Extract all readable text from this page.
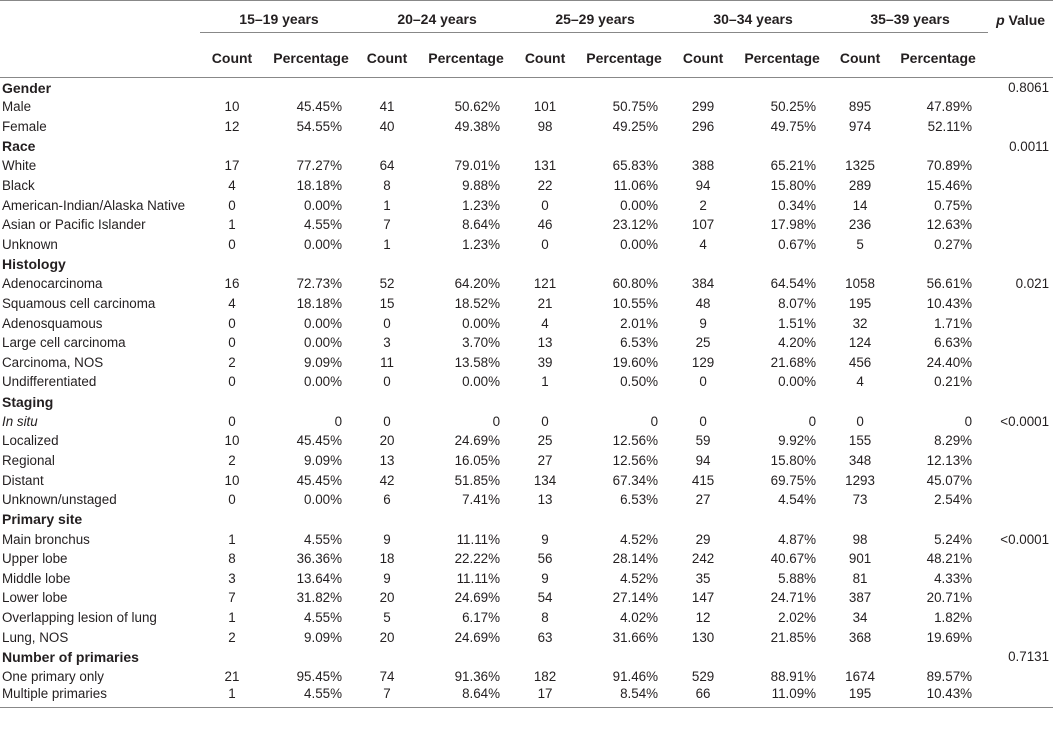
	15–19 years		20–24 years		25–29 years		30–34 years		35–39 years		p Value
	Count	Percentage	Count	Percentage	Count	Percentage	Count	Percentage	Count	Percentage	
Gender											0.8061
Male	10	45.45%	41	50.62%	101	50.75%	299	50.25%	895	47.89%	
Female	12	54.55%	40	49.38%	98	49.25%	296	49.75%	974	52.11%	
Race											0.0011
White	17	77.27%	64	79.01%	131	65.83%	388	65.21%	1325	70.89%	
Black	4	18.18%	8	9.88%	22	11.06%	94	15.80%	289	15.46%	
American-Indian/Alaska Native	0	0.00%	1	1.23%	0	0.00%	2	0.34%	14	0.75%	
Asian or Pacific Islander	1	4.55%	7	8.64%	46	23.12%	107	17.98%	236	12.63%	
Unknown	0	0.00%	1	1.23%	0	0.00%	4	0.67%	5	0.27%	
Histology											
Adenocarcinoma	16	72.73%	52	64.20%	121	60.80%	384	64.54%	1058	56.61%	0.021
Squamous cell carcinoma	4	18.18%	15	18.52%	21	10.55%	48	8.07%	195	10.43%	
Adenosquamous	0	0.00%	0	0.00%	4	2.01%	9	1.51%	32	1.71%	
Large cell carcinoma	0	0.00%	3	3.70%	13	6.53%	25	4.20%	124	6.63%	
Carcinoma, NOS	2	9.09%	11	13.58%	39	19.60%	129	21.68%	456	24.40%	
Undifferentiated	0	0.00%	0	0.00%	1	0.50%	0	0.00%	4	0.21%	
Staging											
In situ	0	0	0	0	0	0	0	0	0	0	<0.0001
Localized	10	45.45%	20	24.69%	25	12.56%	59	9.92%	155	8.29%	
Regional	2	9.09%	13	16.05%	27	12.56%	94	15.80%	348	12.13%	
Distant	10	45.45%	42	51.85%	134	67.34%	415	69.75%	1293	45.07%	
Unknown/unstaged	0	0.00%	6	7.41%	13	6.53%	27	4.54%	73	2.54%	
Primary site											
Main bronchus	1	4.55%	9	11.11%	9	4.52%	29	4.87%	98	5.24%	<0.0001
Upper lobe	8	36.36%	18	22.22%	56	28.14%	242	40.67%	901	48.21%	
Middle lobe	3	13.64%	9	11.11%	9	4.52%	35	5.88%	81	4.33%	
Lower lobe	7	31.82%	20	24.69%	54	27.14%	147	24.71%	387	20.71%	
Overlapping lesion of lung	1	4.55%	5	6.17%	8	4.02%	12	2.02%	34	1.82%	
Lung, NOS	2	9.09%	20	24.69%	63	31.66%	130	21.85%	368	19.69%	
Number of primaries											0.7131
One primary only	21	95.45%	74	91.36%	182	91.46%	529	88.91%	1674	89.57%	
Multiple primaries	1	4.55%	7	8.64%	17	8.54%	66	11.09%	195	10.43%	
